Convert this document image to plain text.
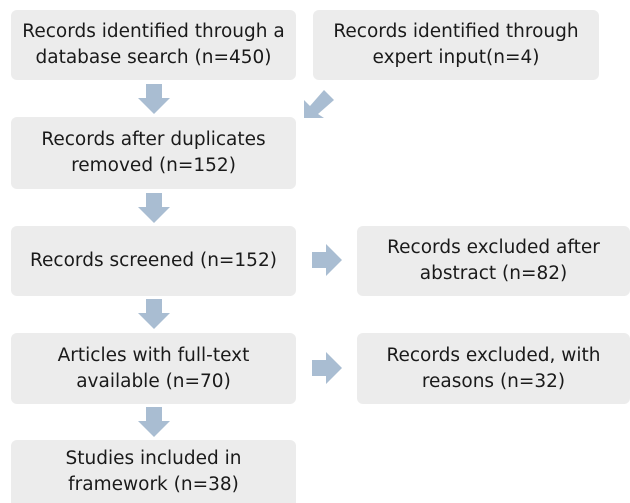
Records identified through a database search (n=450)
Records identified through expert input(n=4)
Records after duplicates removed (n=152)
Records screened (n=152)
Records excluded after abstract (n=82)
Articles with full-text available (n=70)
Records excluded, with reasons (n=32)
Studies included in framework (n=38)
